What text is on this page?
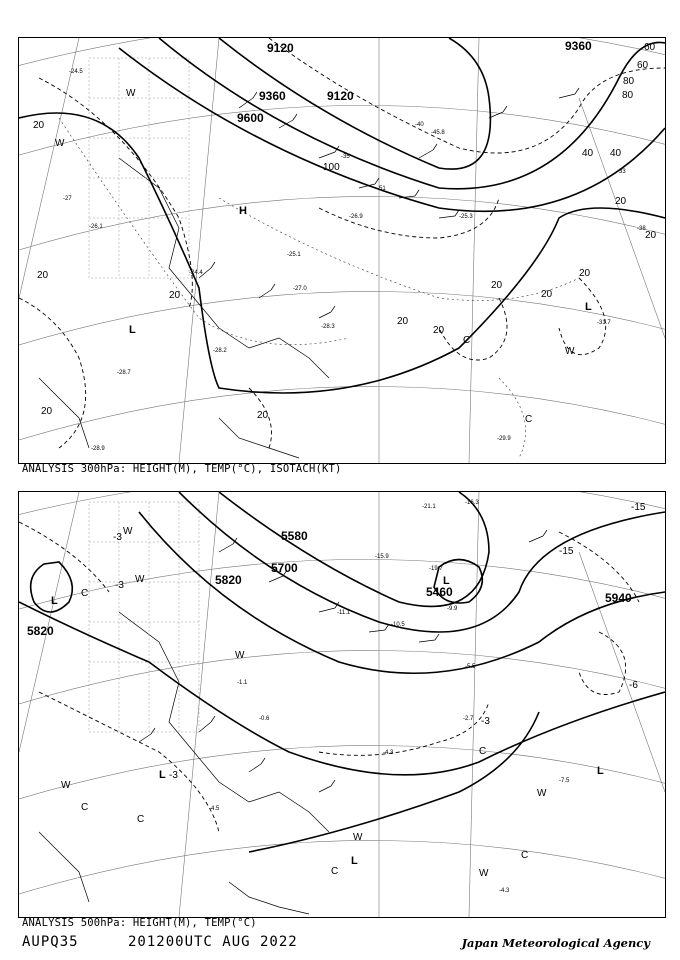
9120	9360
9360
9600
9120
20
40
60
80
100
20
20
20
20
20
20
20
20
20
60
80
40
20
20
H
L
L
C
C
W
W
W
-24.5
-27
-26.1
-24.4
-25.1
-27.0
-28.2
-28.3
-26.9	-25.3
-31.7
-29.9
-28.9
-28.7
-33
-38
-40
-45.8
-51
-35
ANALYSIS 300hPa: HEIGHT(M), TEMP(°C), ISOTACH(KT)
5580
5700
5820
5460
5820
5940
L
L
L
L
L
C
C
C
C
C
C
W
W
W
W
W
W
W
-3
-6
-3
-3
-15
-15
-3
-19.7
-16.3
-21.1
-15.9
-5.5
-2.7
-4.3
-7.5
-4.5
-4.3
-11.1
-10.5
-9.9
-1.1
-0.6
ANALYSIS 500hPa: HEIGHT(M), TEMP(°C)
AUPQ35	201200UTC AUG 2022	Japan Meteorological Agency
